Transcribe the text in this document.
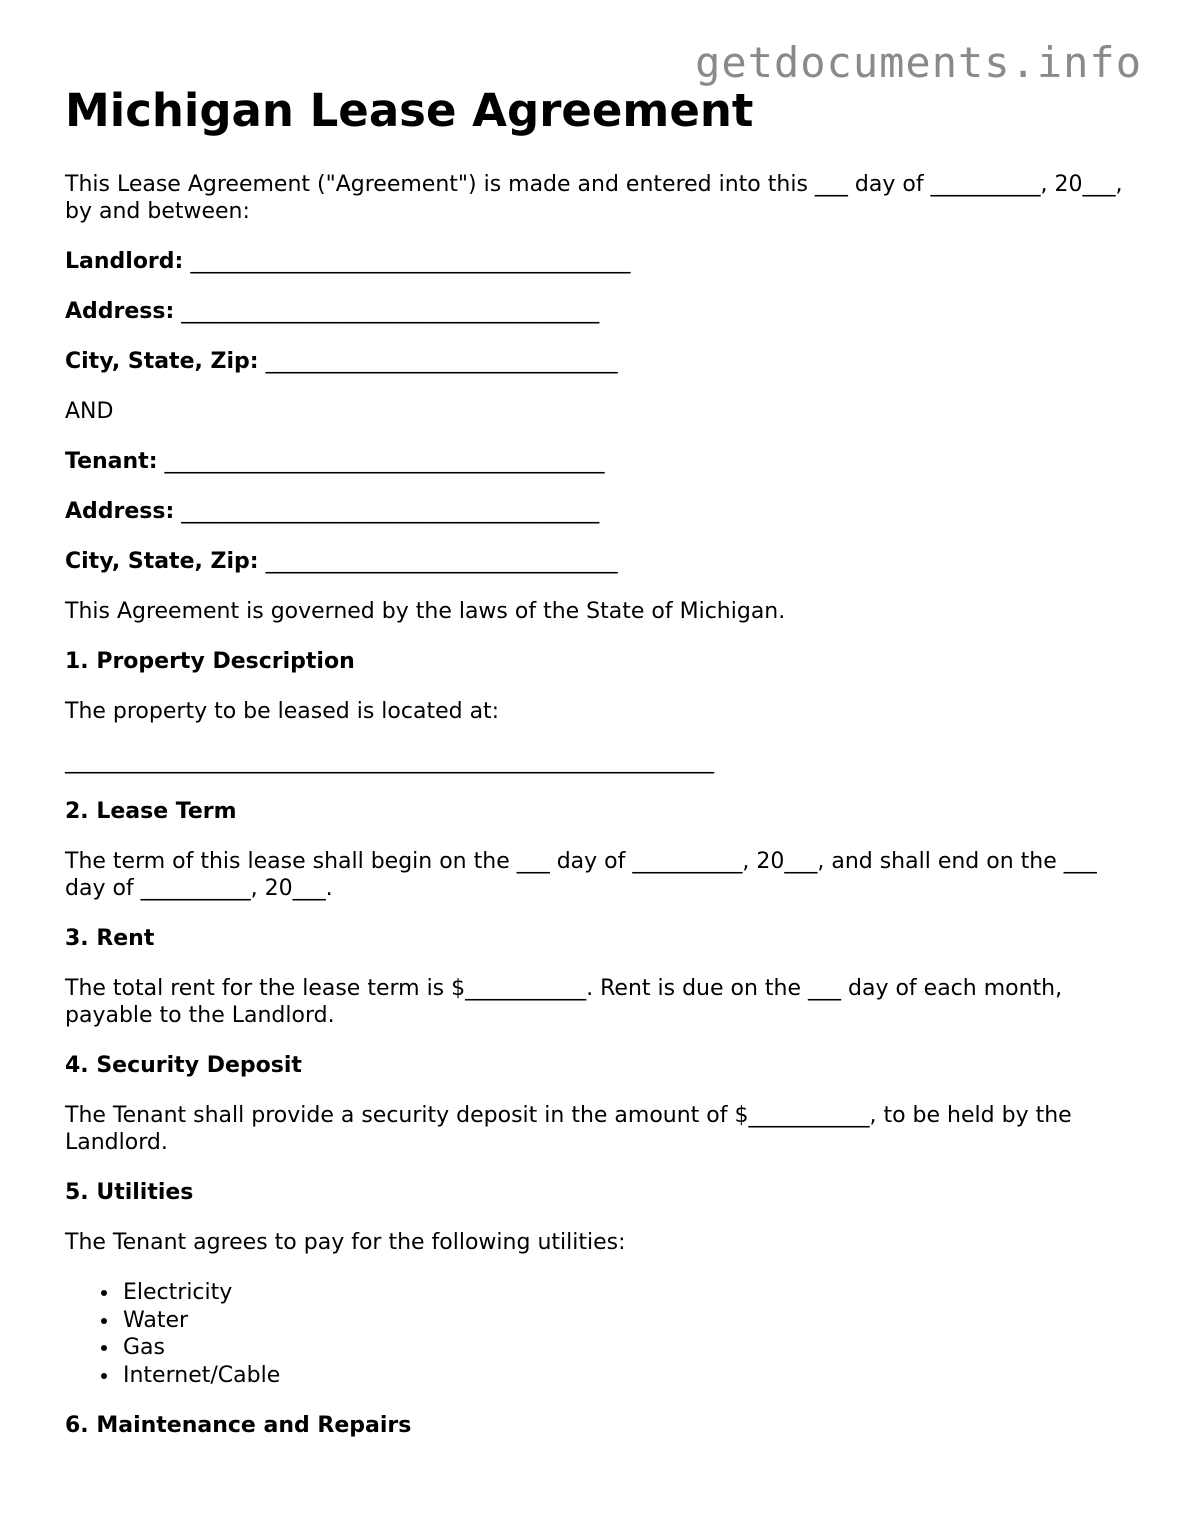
getdocuments.info
Michigan Lease Agreement

This Lease Agreement ("Agreement") is made and entered into this ___ day of __________, 20___, by and between:

Landlord: ________________________________________

Address: ______________________________________

City, State, Zip: ________________________________

AND

Tenant: ________________________________________

Address: ______________________________________

City, State, Zip: ________________________________

This Agreement is governed by the laws of the State of Michigan.

1. Property Description

The property to be leased is located at:

___________________________________________________________

2. Lease Term

The term of this lease shall begin on the ___ day of __________, 20___, and shall end on the ___ day of __________, 20___.

3. Rent

The total rent for the lease term is $___________. Rent is due on the ___ day of each month, payable to the Landlord.

4. Security Deposit

The Tenant shall provide a security deposit in the amount of $___________, to be held by the Landlord.

5. Utilities

The Tenant agrees to pay for the following utilities:

Electricity
Water
Gas
Internet/Cable
6. Maintenance and Repairs
